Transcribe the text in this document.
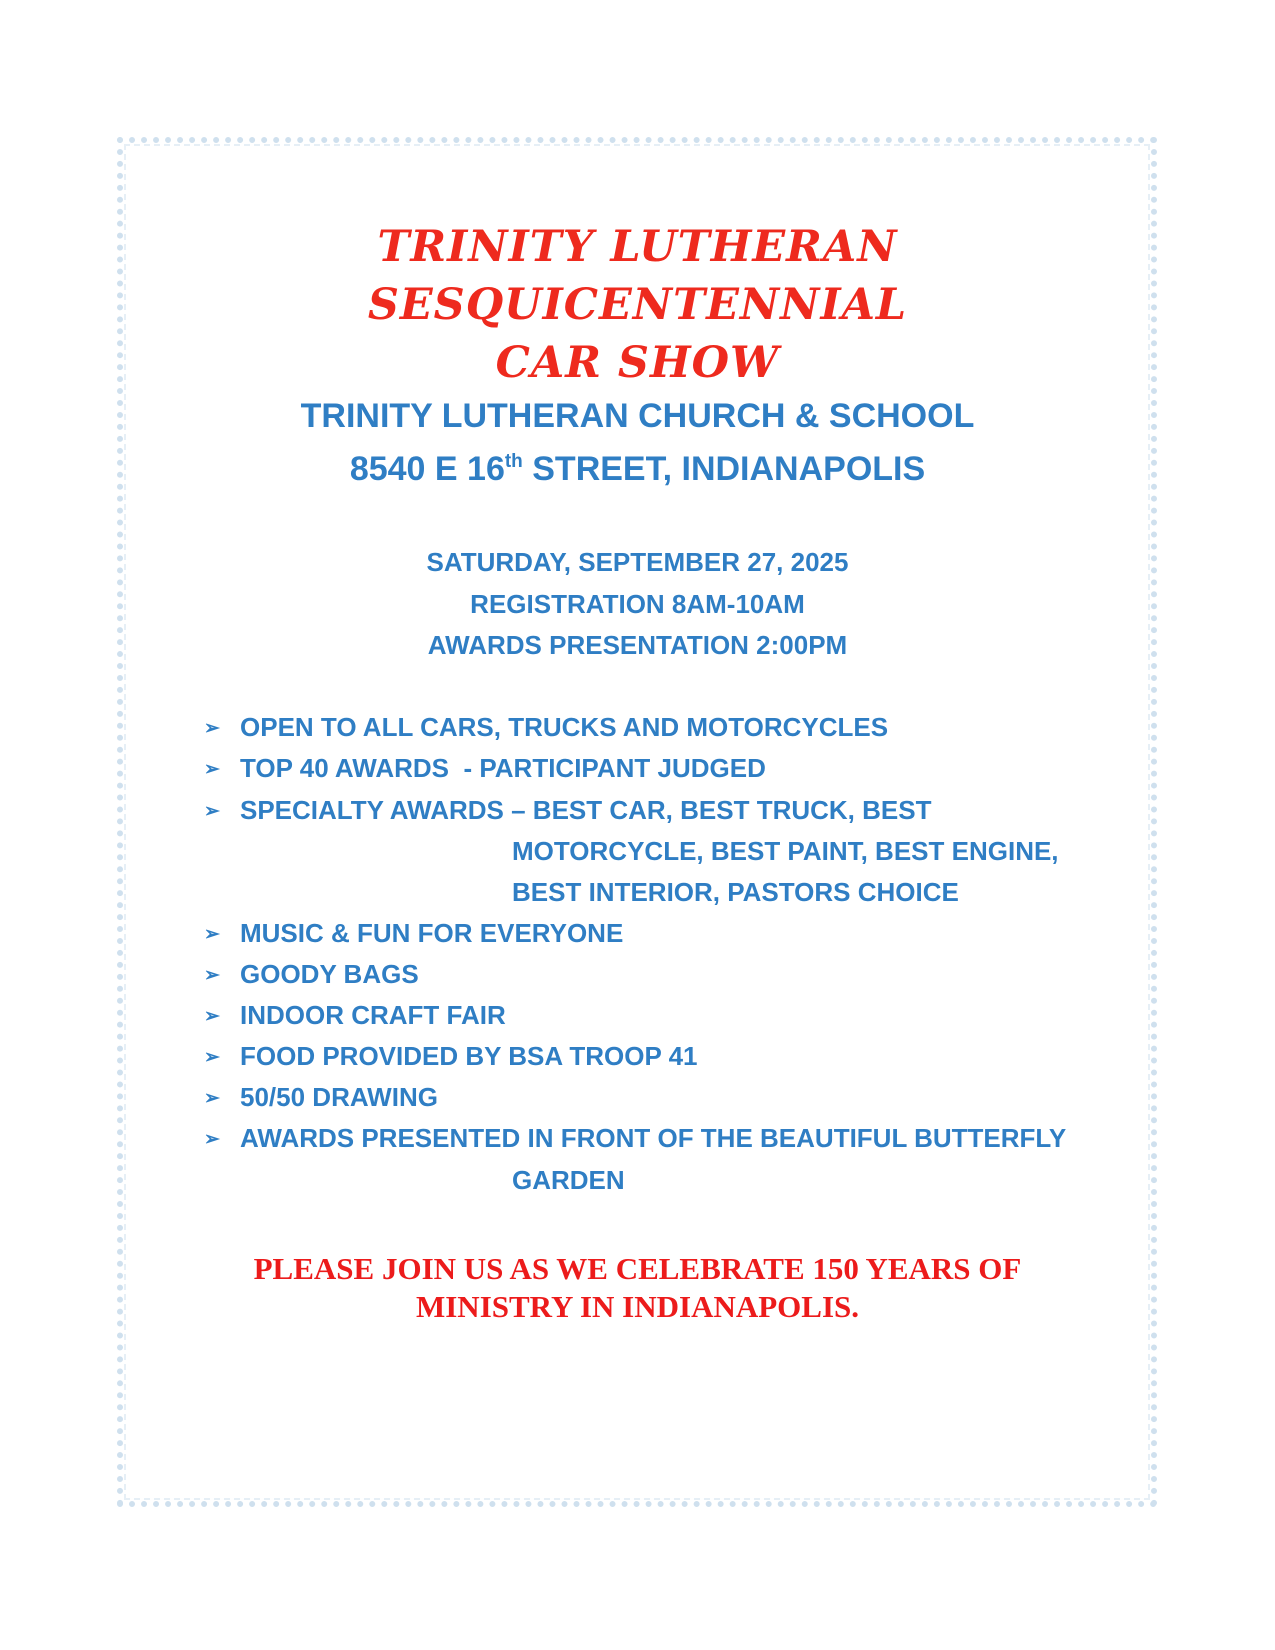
TRINITY LUTHERAN
SESQUICENTENNIAL
CAR SHOW
TRINITY LUTHERAN CHURCH & SCHOOL
8540 E 16th STREET, INDIANAPOLIS
SATURDAY, SEPTEMBER 27, 2025
REGISTRATION 8AM-10AM
AWARDS PRESENTATION 2:00PM
➢ OPEN TO ALL CARS, TRUCKS AND MOTORCYCLES
➢ TOP 40 AWARDS  - PARTICIPANT JUDGED
➢ SPECIALTY AWARDS – BEST CAR, BEST TRUCK, BEST
MOTORCYCLE, BEST PAINT, BEST ENGINE,
BEST INTERIOR, PASTORS CHOICE
➢ MUSIC & FUN FOR EVERYONE
➢ GOODY BAGS
➢ INDOOR CRAFT FAIR
➢ FOOD PROVIDED BY BSA TROOP 41
➢ 50/50 DRAWING
➢ AWARDS PRESENTED IN FRONT OF THE BEAUTIFUL BUTTERFLY
GARDEN
PLEASE JOIN US AS WE CELEBRATE 150 YEARS OF
MINISTRY IN INDIANAPOLIS.
